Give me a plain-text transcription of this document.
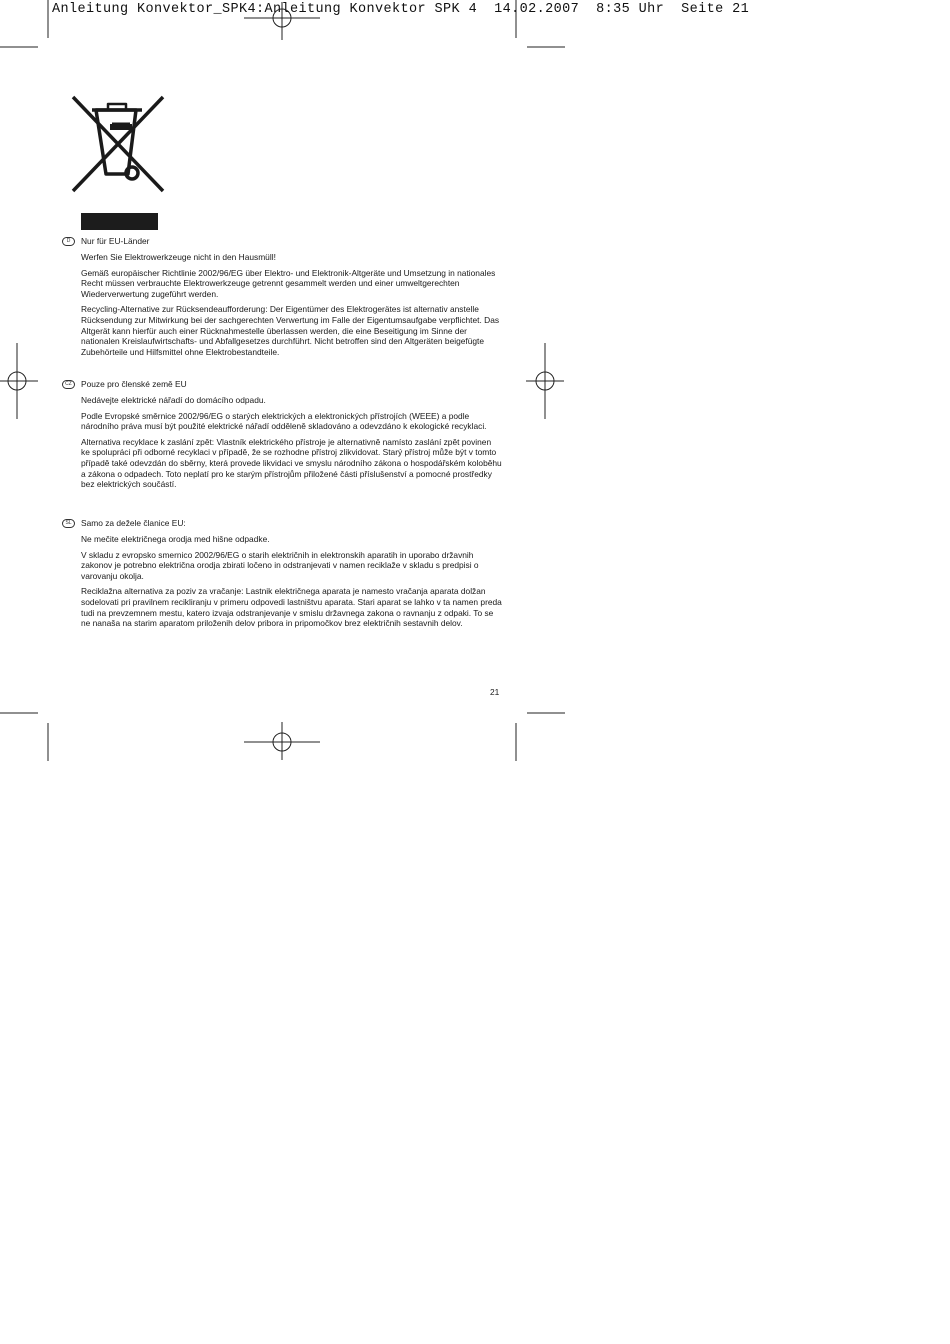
Anleitung Konvektor_SPK4:Anleitung Konvektor SPK 4  14.02.2007  8:35 Uhr  Seite 21
D	Nur für EU-Länder
Werfen Sie Elektrowerkzeuge nicht in den Hausmüll!
Gemäß europäischer Richtlinie 2002/96/EG über Elektro- und Elektronik-Altgeräte und Umsetzung in nationales Recht müssen verbrauchte Elektrowerkzeuge getrennt gesammelt werden und einer umweltgerechten Wiederverwertung zugeführt werden.
Recycling-Alternative zur Rücksendeaufforderung: Der Eigentümer des Elektrogerätes ist alternativ anstelle Rücksendung zur Mitwirkung bei der sachgerechten Verwertung im Falle der Eigentumsaufgabe verpflichtet. Das Altgerät kann hierfür auch einer Rücknahmestelle überlassen werden, die eine Beseitigung im Sinne der nationalen Kreislaufwirtschafts- und Abfallgesetzes durchführt. Nicht betroffen sind den Altgeräten beigefügte Zubehörteile und Hilfsmittel ohne Elektrobestandteile.
CZ	Pouze pro členské země EU
Nedávejte elektrické nářadí do domácího odpadu.
Podle Evropské směrnice 2002/96/EG o starých elektrických a elektronických přístrojích (WEEE) a podle národního práva musí být použité elektrické nářadí odděleně skladováno a odevzdáno k ekologické recyklaci.
Alternativa recyklace k zaslání zpět: Vlastník elektrického přístroje je alternativně namísto zaslání zpět povinen ke spolupráci při odborné recyklaci v případě, že se rozhodne přístroj zlikvidovat. Starý přístroj může být v tomto případě také odevzdán do sběrny, která provede likvidaci ve smyslu národního zákona o hospodářském koloběhu a zákona o odpadech. Toto neplatí pro ke starým přístrojům přiložené části příslušenství a pomocné prostředky bez elektrických součástí.
SL	Samo za dežele članice EU:
Ne mečite električnega orodja med hišne odpadke.
V skladu z evropsko smernico 2002/96/EG o starih električnih in elektronskih aparatih in uporabo državnih zakonov je potrebno električna orodja zbirati ločeno in odstranjevati v namen reciklaže v skladu s predpisi o varovanju okolja.
Reciklažna alternativa za poziv za vračanje: Lastnik električnega aparata je namesto vračanja aparata dolžan sodelovati pri pravilnem recikliranju v primeru odpovedi lastništvu aparata. Stari aparat se lahko v ta namen preda tudi na prevzemnem mestu, katero izvaja odstranjevanje v smislu državnega zakona o ravnanju z odpaki. To se ne nanaša na starim aparatom priloženih delov pribora in pripomočkov brez električnih sestavnih delov.
21
